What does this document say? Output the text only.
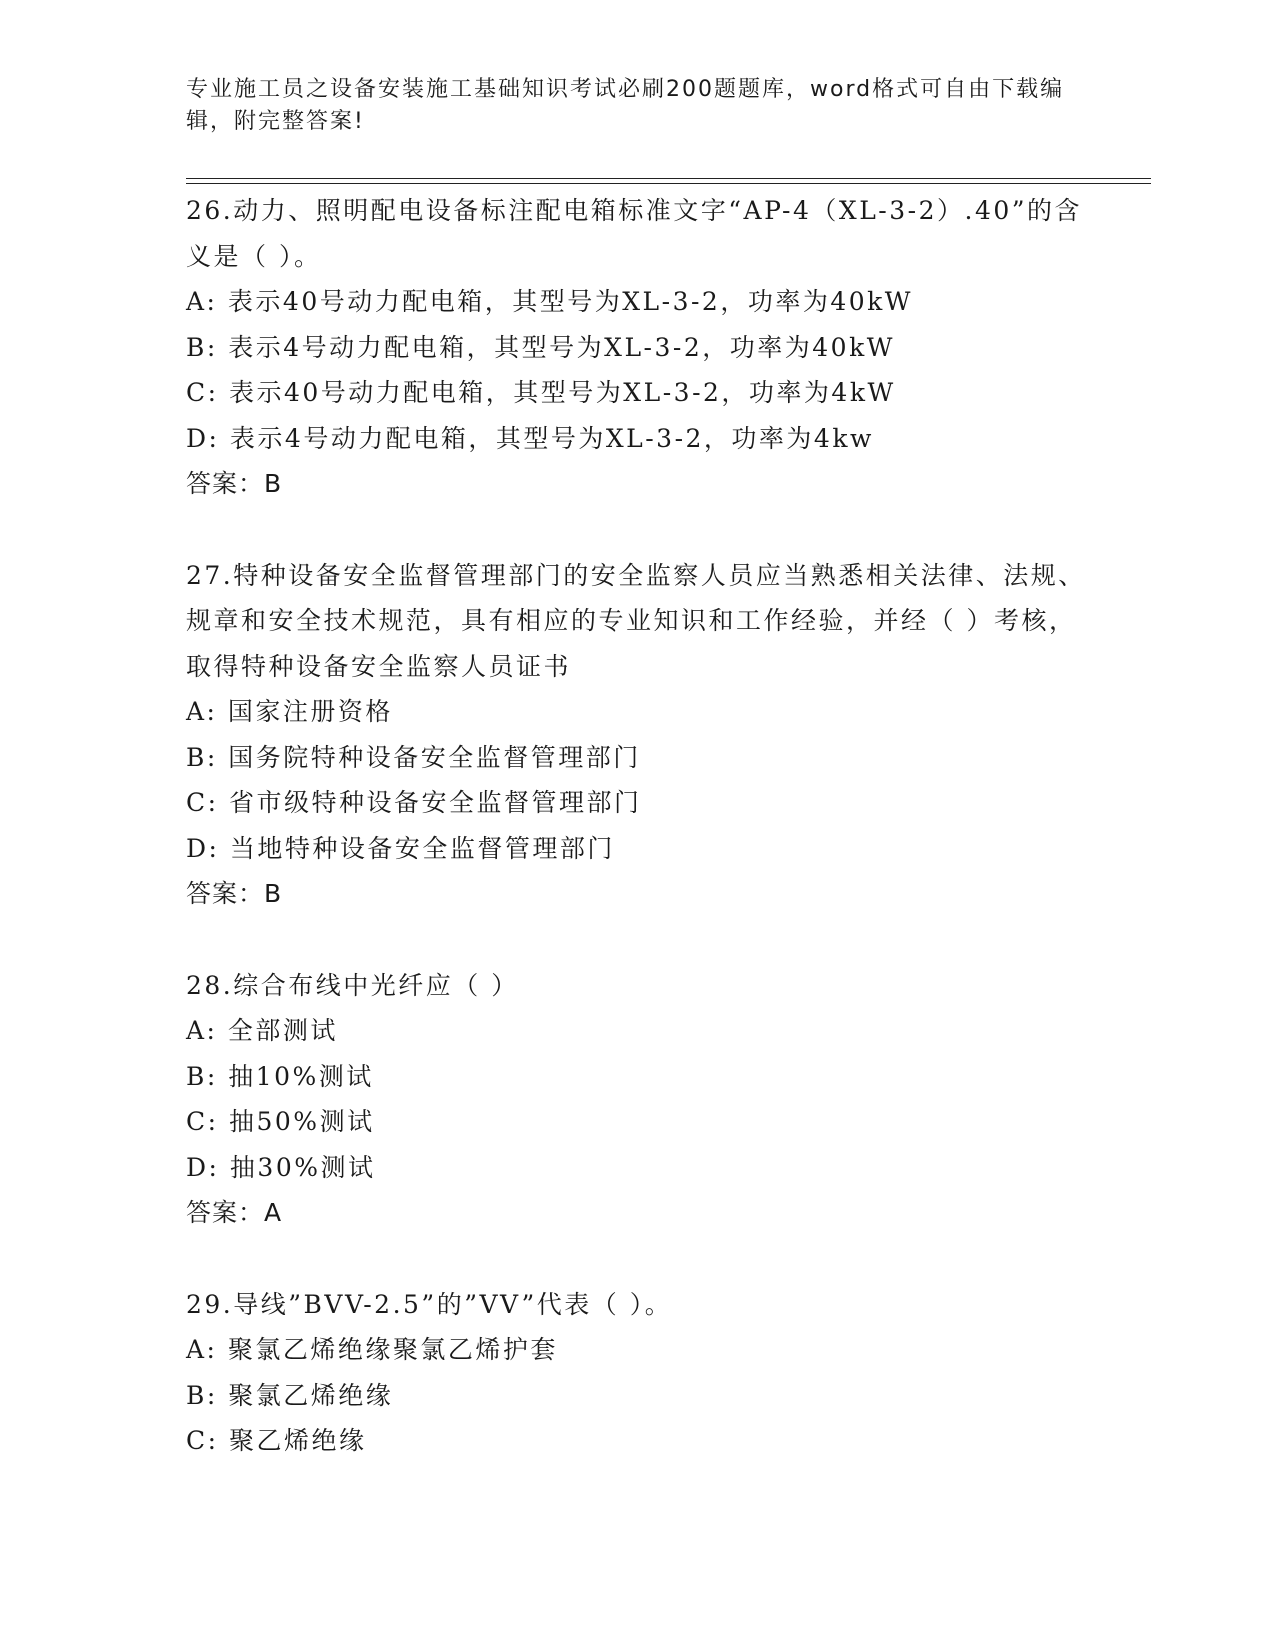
专业施工员之设备安装施工基础知识考试必刷200题题库，word格式可自由下载编辑，附完整答案!

26.动力、照明配电设备标注配电箱标准文字“AP-4（XL-3-2）.40”的含义是（ ）。

A: 表示40号动力配电箱，其型号为XL-3-2，功率为40kW

B: 表示4号动力配电箱，其型号为XL-3-2，功率为40kW

C: 表示40号动力配电箱，其型号为XL-3-2，功率为4kW

D: 表示4号动力配电箱，其型号为XL-3-2，功率为4kw

答案：B

27.特种设备安全监督管理部门的安全监察人员应当熟悉相关法律、法规、规章和安全技术规范，具有相应的专业知识和工作经验，并经（ ）考核，取得特种设备安全监察人员证书

A: 国家注册资格

B: 国务院特种设备安全监督管理部门

C: 省市级特种设备安全监督管理部门

D: 当地特种设备安全监督管理部门

答案：B

28.综合布线中光纤应（ ）

A: 全部测试

B: 抽10%测试

C: 抽50%测试

D: 抽30%测试

答案：A

29.导线”BVV-2.5”的”VV”代表（ ）。

A: 聚氯乙烯绝缘聚氯乙烯护套

B: 聚氯乙烯绝缘

C: 聚乙烯绝缘
